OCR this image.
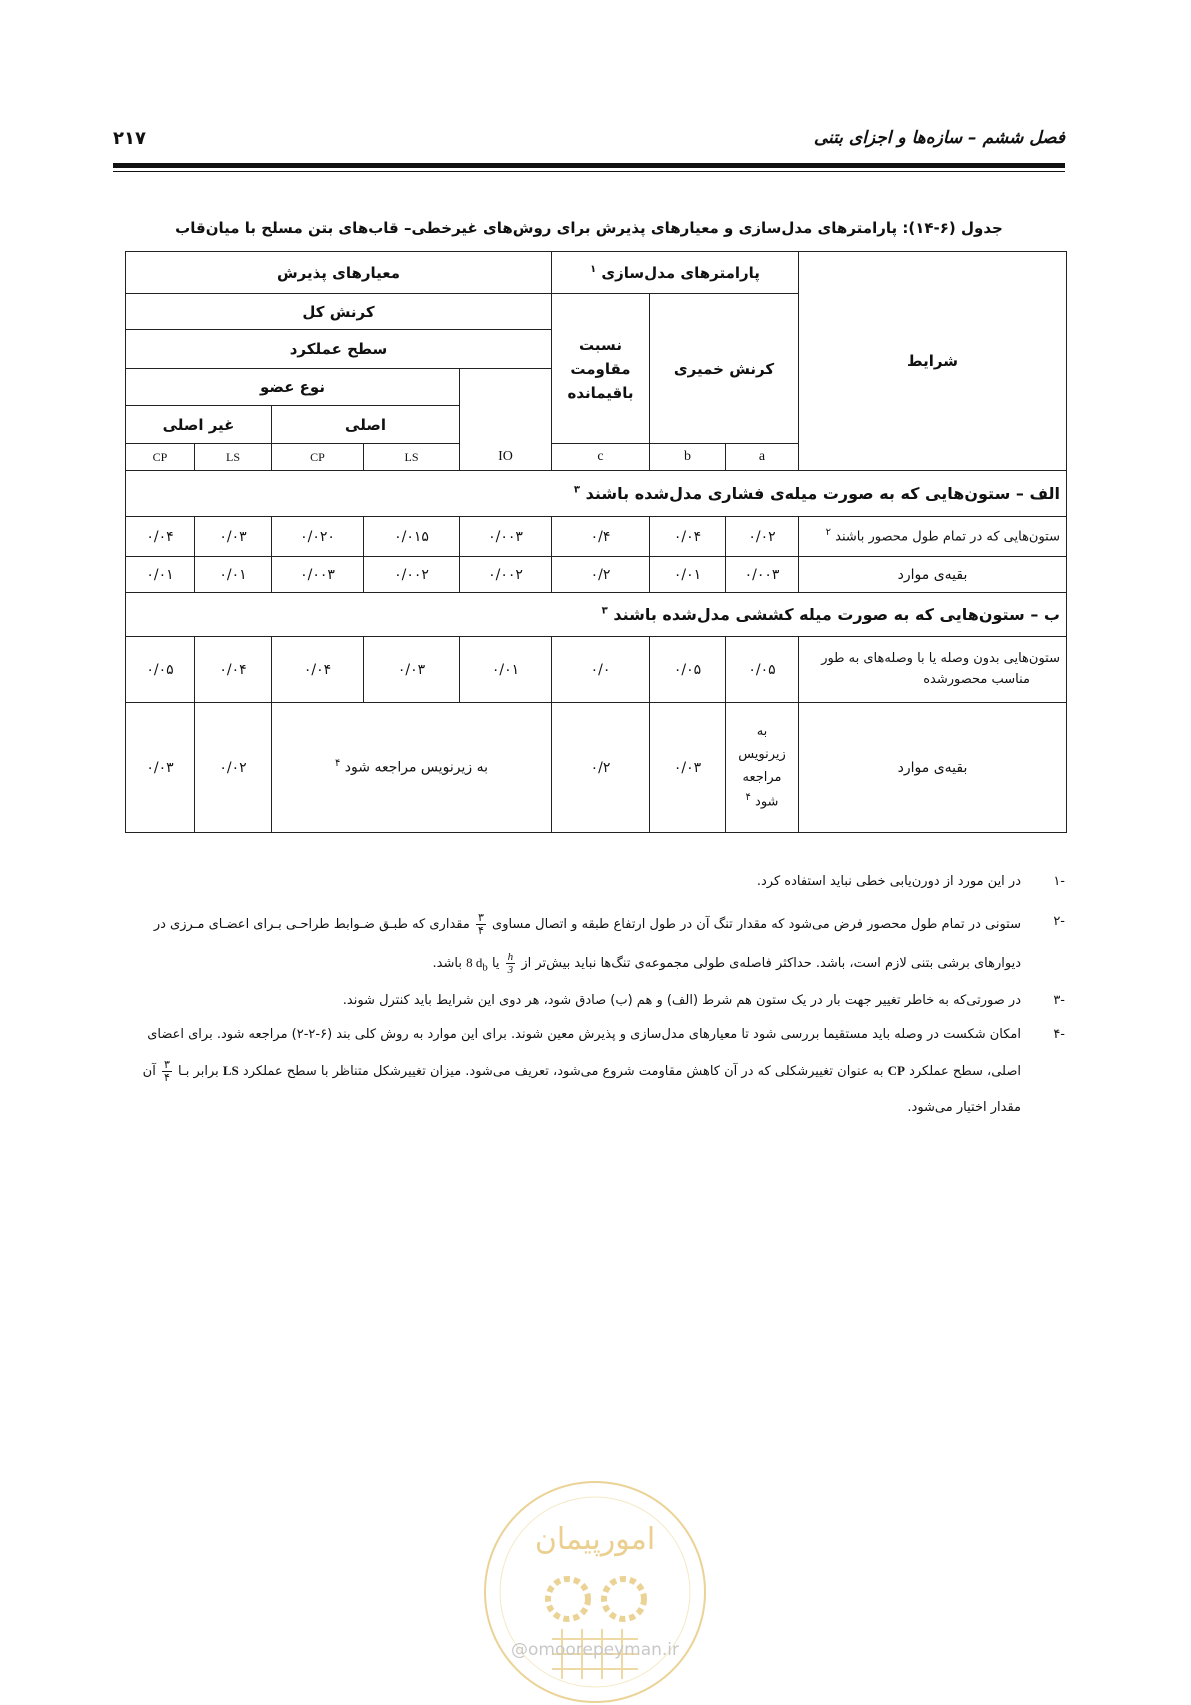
فصل ششم – سازه‌ها و اجزای بتنی
۲۱۷
جدول (۶-۱۴): پارامترهای مدل‌سازی و معیارهای پذیرش برای روش‌های غیرخطی– قاب‌های بتن مسلح با میان‌قاب
شرایط	پارامترهای مدل‌سازی $^۱$			معیارهای پذیرش				
	کرنش خمیری		نسبت مقاومت باقیمانده	کرنش کل				
				سطح عملکرد				
				IO	نوع عضو			
					اصلی		غیر اصلی	
	a	b	c		LS	CP	LS	CP
الف – ستون‌هایی که به صورت میله‌ی فشاری مدل‌شده باشند $^۳$
ستون‌هایی که در تمام طول محصور باشند $^۲$	۰/۰۲	۰/۰۴	۰/۴	۰/۰۰۳	۰/۰۱۵	۰/۰۲۰	۰/۰۳	۰/۰۴
بقیه‌ی موارد	۰/۰۰۳	۰/۰۱	۰/۲	۰/۰۰۲	۰/۰۰۲	۰/۰۰۳	۰/۰۱	۰/۰۱
ب – ستون‌هایی که به صورت میله کششی مدل‌شده باشند $^۳$
ستون‌هایی بدون وصله یا با وصله‌های به طور
مناسب محصورشده	۰/۰۵	۰/۰۵	۰/۰	۰/۰۱	۰/۰۳	۰/۰۴	۰/۰۴	۰/۰۵
بقیه‌ی موارد	به
زیرنویس
مراجعه
شود $^۴$	۰/۰۳	۰/۲	به زیرنویس مراجعه شود $^۴$			۰/۰۲	۰/۰۳
-۱
در این مورد از دورن‌یابی خطی نباید استفاده کرد.
-۲
ستونی در تمام طول محصور فرض می‌شود که مقدار تنگ آن در طول ارتفاع طبقه و اتصال مساوی
$\frac{۳}{۴}$
مقداری که طبـق ضـوابط طراحـی بـرای اعضـای مـرزی در
دیوارهای برشی بتنی لازم است، باشد. حداکثر فاصله‌ی طولی مجموعه‌ی تنگ‌ها نباید بیش‌تر از
$\frac{h}{3}$
یا 8 $d_b$ باشد.
-۳
در صورتی‌که به خاطر تغییر جهت بار در یک ستون هم شرط (الف) و هم (ب) صادق شود، هر دوی این شرایط باید کنترل شوند.
-۴
امکان شکست در وصله باید مستقیما بررسی شود تا معیارهای مدل‌سازی و پذیرش معین شوند. برای این موارد به روش کلی بند (۶-۲-۲) مراجعه شود. برای اعضای
اصلی، سطح عملکرد CP به عنوان تغییرشکلی که در آن کاهش مقاومت شروع می‌شود، تعریف می‌شود. میزان تغییرشکل متناظر با سطح عملکرد LS برابر بـا
$\frac{۳}{۴}$
آن
مقدار اختیار می‌شود.
امورپیمان
@omoorepeyman.ir
